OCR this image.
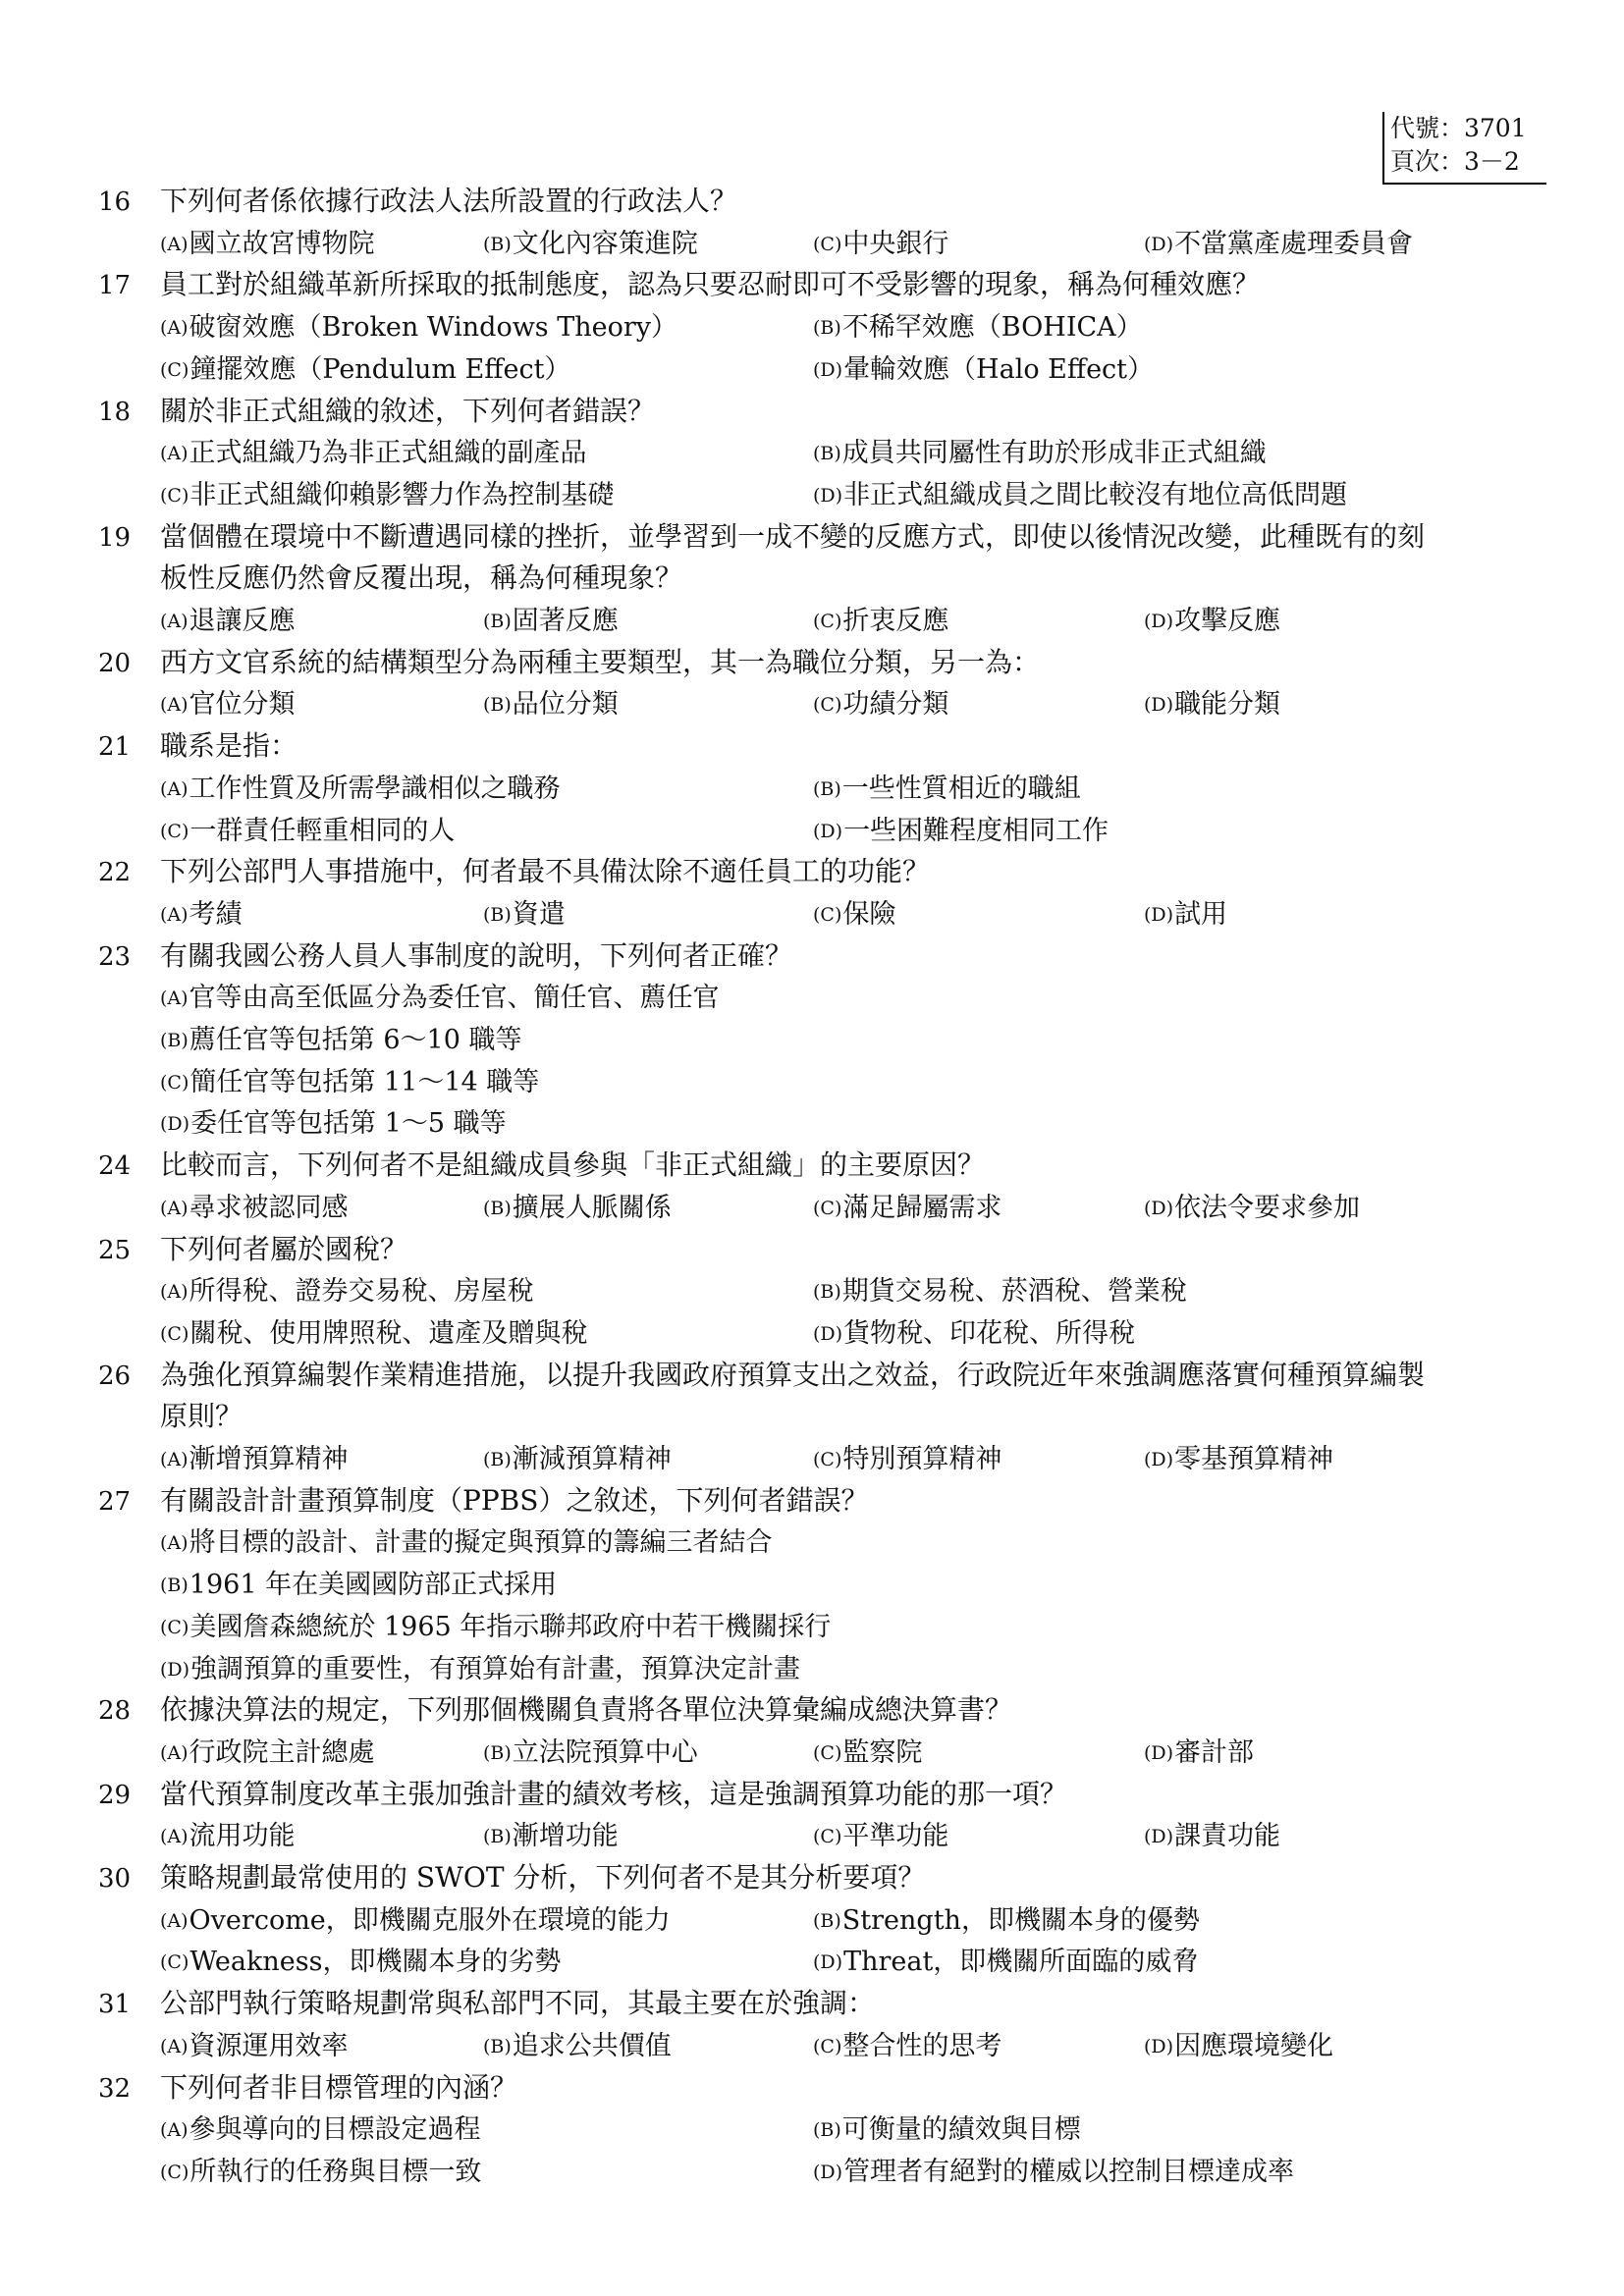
代號：3701
頁次：3－2
16 下列何者係依據行政法人法所設置的行政法人？
(A)國立故宮博物院	(B)文化內容策進院	(C)中央銀行	(D)不當黨產處理委員會
17 員工對於組織革新所採取的抵制態度，認為只要忍耐即可不受影響的現象，稱為何種效應？
(A)破窗效應（Broken Windows Theory）	(B)不稀罕效應（BOHICA）
(C)鐘擺效應（Pendulum Effect）	(D)暈輪效應（Halo Effect）
18 關於非正式組織的敘述，下列何者錯誤？
(A)正式組織乃為非正式組織的副產品	(B)成員共同屬性有助於形成非正式組織
(C)非正式組織仰賴影響力作為控制基礎	(D)非正式組織成員之間比較沒有地位高低問題
19 當個體在環境中不斷遭遇同樣的挫折，並學習到一成不變的反應方式，即使以後情況改變，此種既有的刻
板性反應仍然會反覆出現，稱為何種現象？
(A)退讓反應	(B)固著反應	(C)折衷反應	(D)攻擊反應
20 西方文官系統的結構類型分為兩種主要類型，其一為職位分類，另一為：
(A)官位分類	(B)品位分類	(C)功績分類	(D)職能分類
21 職系是指：
(A)工作性質及所需學識相似之職務	(B)一些性質相近的職組
(C)一群責任輕重相同的人	(D)一些困難程度相同工作
22 下列公部門人事措施中，何者最不具備汰除不適任員工的功能？
(A)考績	(B)資遣	(C)保險	(D)試用
23 有關我國公務人員人事制度的說明，下列何者正確？
(A)官等由高至低區分為委任官、簡任官、薦任官
(B)薦任官等包括第 6～10 職等
(C)簡任官等包括第 11～14 職等
(D)委任官等包括第 1～5 職等
24 比較而言，下列何者不是組織成員參與「非正式組織」的主要原因？
(A)尋求被認同感	(B)擴展人脈關係	(C)滿足歸屬需求	(D)依法令要求參加
25 下列何者屬於國稅？
(A)所得稅、證券交易稅、房屋稅	(B)期貨交易稅、菸酒稅、營業稅
(C)關稅、使用牌照稅、遺產及贈與稅	(D)貨物稅、印花稅、所得稅
26 為強化預算編製作業精進措施，以提升我國政府預算支出之效益，行政院近年來強調應落實何種預算編製
原則？
(A)漸增預算精神	(B)漸減預算精神	(C)特別預算精神	(D)零基預算精神
27 有關設計計畫預算制度（PPBS）之敘述，下列何者錯誤？
(A)將目標的設計、計畫的擬定與預算的籌編三者結合
(B)1961 年在美國國防部正式採用
(C)美國詹森總統於 1965 年指示聯邦政府中若干機關採行
(D)強調預算的重要性，有預算始有計畫，預算決定計畫
28 依據決算法的規定，下列那個機關負責將各單位決算彙編成總決算書？
(A)行政院主計總處	(B)立法院預算中心	(C)監察院	(D)審計部
29 當代預算制度改革主張加強計畫的績效考核，這是強調預算功能的那一項？
(A)流用功能	(B)漸增功能	(C)平準功能	(D)課責功能
30 策略規劃最常使用的 SWOT 分析，下列何者不是其分析要項？
(A)Overcome，即機關克服外在環境的能力	(B)Strength，即機關本身的優勢
(C)Weakness，即機關本身的劣勢	(D)Threat，即機關所面臨的威脅
31 公部門執行策略規劃常與私部門不同，其最主要在於強調：
(A)資源運用效率	(B)追求公共價值	(C)整合性的思考	(D)因應環境變化
32 下列何者非目標管理的內涵？
(A)參與導向的目標設定過程	(B)可衡量的績效與目標
(C)所執行的任務與目標一致	(D)管理者有絕對的權威以控制目標達成率
